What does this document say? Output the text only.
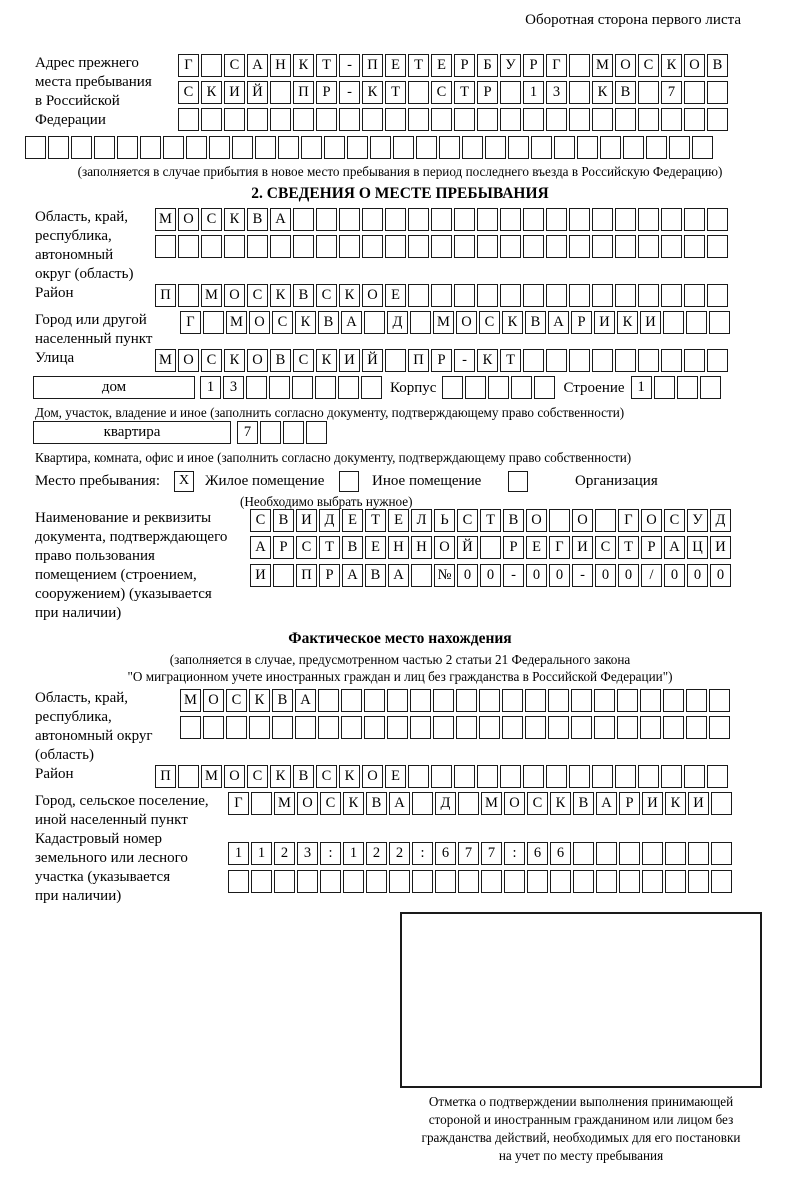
Оборотная сторона первого листа
Адрес прежнего
места пребывания
в Российской
Федерации
Г	С А Н К Т	-	П Е Т Е	Р	Б У Р	Г	М О С К О В
С К И Й	П Р	-	К Т	С Т	Р	1	3	К В	7
(заполняется в случае прибытия в новое место пребывания в период последнего въезда в Российскую Федерацию)
2. СВЕДЕНИЯ О МЕСТЕ ПРЕБЫВАНИЯ
Область, край,
республика,
автономный
округ (область)
М О С К В А
Район	П	М О С К В С К О Е
Город или другой
населенный пункт
Г	М О С К В А	Д	М О С К В А Р И К И
Улица	М О С К О В С К И Й	П Р	-	К Т
дом	1	3	Корпус	Строение 1
Дом, участок, владение и иное (заполнить согласно документу, подтверждающему право собственности)
квартира	7
Квартира, комната, офис и иное (заполнить согласно документу, подтверждающему право собственности)
Место пребывания:	X	Жилое помещение	Иное помещение	Организация
(Необходимо выбрать нужное)
Наименование и реквизиты
документа, подтверждающего
право пользования
помещением (строением,
сооружением) (указывается
при наличии)
С В И Д Е Т Е Л Ь С Т В О	О	Г О С У Д
А Р С Т В Е Н Н О Й	Р	Е Г И С Т	Р А Ц И
И	П Р А В А	№ 0	0	-	0	0	-	0	0	/	0	0	0
Фактическое место нахождения
(заполняется в случае, предусмотренном частью 2 статьи 21 Федерального закона
"О миграционном учете иностранных граждан и лиц без гражданства в Российской Федерации")
Область, край,
республика,
автономный округ
(область)
М О С К В А
Район	П	М О С К В С К О Е
Город, сельское поселение,
иной населенный пункт
Г	М О С К В А	Д	М О С К В А Р И К И
Кадастровый номер
земельного или лесного
участка (указывается
при наличии)
1	1	2	3	:	1	2	2	:	6	7	7	:	6	6
Отметка о подтверждении выполнения принимающей
стороной и иностранным гражданином или лицом без
гражданства действий, необходимых для его постановки
на учет по месту пребывания
